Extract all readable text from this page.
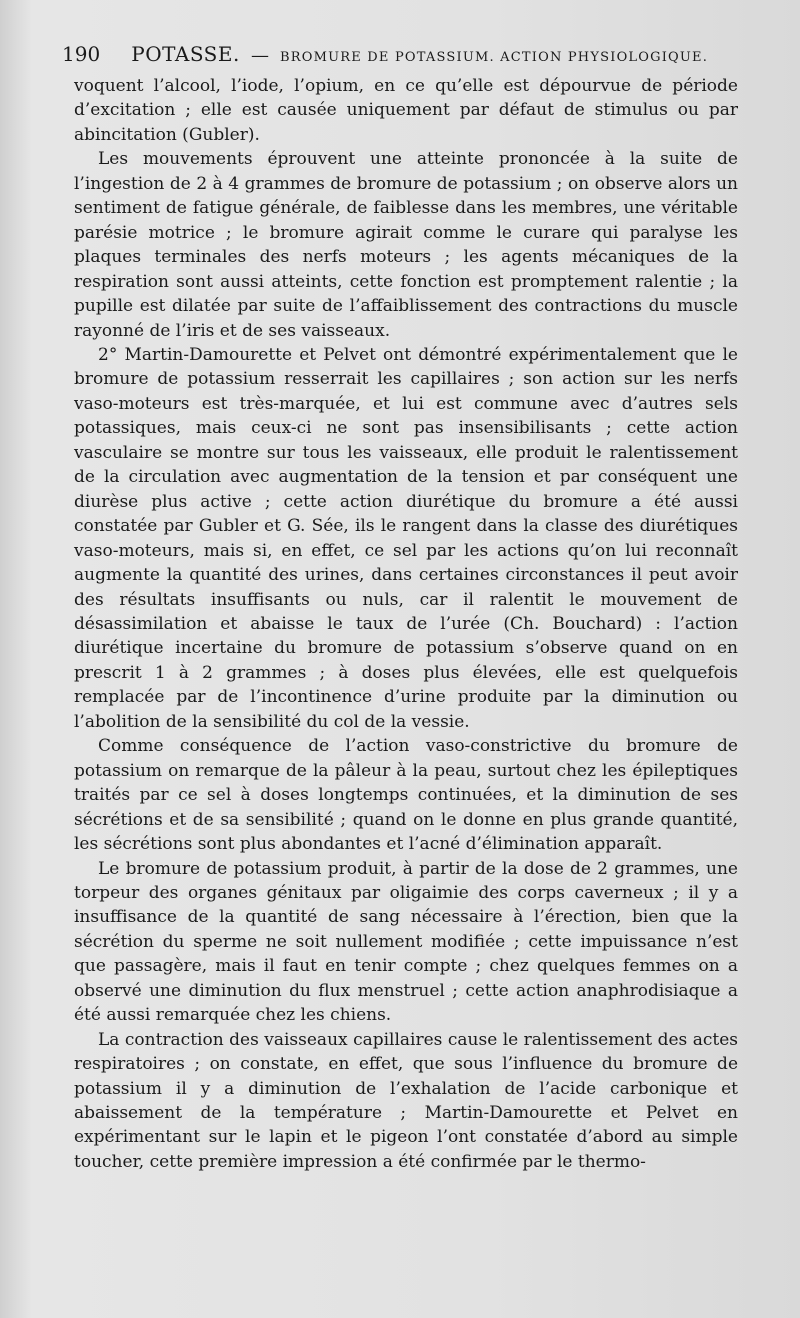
190 POTASSE. — BROMURE DE POTASSIUM. ACTION PHYSIOLOGIQUE.

voquent l’alcool, l’iode, l’opium, en ce qu’elle est dépourvue de période d’excitation ; elle est causée uniquement par défaut de stimulus ou par abincitation (Gubler).

Les mouvements éprouvent une atteinte prononcée à la suite de l’ingestion de 2 à 4 grammes de bromure de potassium ; on observe alors un sentiment de fatigue générale, de faiblesse dans les membres, une véritable parésie motrice ; le bromure agirait comme le curare qui paralyse les plaques terminales des nerfs moteurs ; les agents mécaniques de la respiration sont aussi atteints, cette fonction est promptement ralentie ; la pupille est dilatée par suite de l’affaiblissement des contractions du muscle rayonné de l’iris et de ses vaisseaux.

2° Martin-Damourette et Pelvet ont démontré expérimentalement que le bromure de potassium resserrait les capillaires ; son action sur les nerfs vaso-moteurs est très-marquée, et lui est commune avec d’autres sels potassiques, mais ceux-ci ne sont pas insensibilisants ; cette action vasculaire se montre sur tous les vaisseaux, elle produit le ralentissement de la circulation avec augmentation de la tension et par conséquent une diurèse plus active ; cette action diurétique du bromure a été aussi constatée par Gubler et G. Sée, ils le rangent dans la classe des diurétiques vaso-moteurs, mais si, en effet, ce sel par les actions qu’on lui reconnaît augmente la quantité des urines, dans certaines circonstances il peut avoir des résultats insuffisants ou nuls, car il ralentit le mouvement de désassimilation et abaisse le taux de l’urée (Ch. Bouchard) : l’action diurétique incertaine du bromure de potassium s’observe quand on en prescrit 1 à 2 grammes ; à doses plus élevées, elle est quelquefois remplacée par de l’incontinence d’urine produite par la diminution ou l’abolition de la sensibilité du col de la vessie.

Comme conséquence de l’action vaso-constrictive du bromure de potassium on remarque de la pâleur à la peau, surtout chez les épileptiques traités par ce sel à doses longtemps continuées, et la diminution de ses sécrétions et de sa sensibilité ; quand on le donne en plus grande quantité, les sécrétions sont plus abondantes et l’acné d’élimination apparaît.

Le bromure de potassium produit, à partir de la dose de 2 grammes, une torpeur des organes génitaux par oligaimie des corps caverneux ; il y a insuffisance de la quantité de sang nécessaire à l’érection, bien que la sécrétion du sperme ne soit nullement modifiée ; cette impuissance n’est que passagère, mais il faut en tenir compte ; chez quelques femmes on a observé une diminution du flux menstruel ; cette action anaphrodisiaque a été aussi remarquée chez les chiens.

La contraction des vaisseaux capillaires cause le ralentissement des actes respiratoires ; on constate, en effet, que sous l’influence du bromure de potassium il y a diminution de l’exhalation de l’acide carbonique et abaissement de la température ; Martin-Damourette et Pelvet en expérimentant sur le lapin et le pigeon l’ont constatée d’abord au simple toucher, cette première impression a été confirmée par le thermo-
